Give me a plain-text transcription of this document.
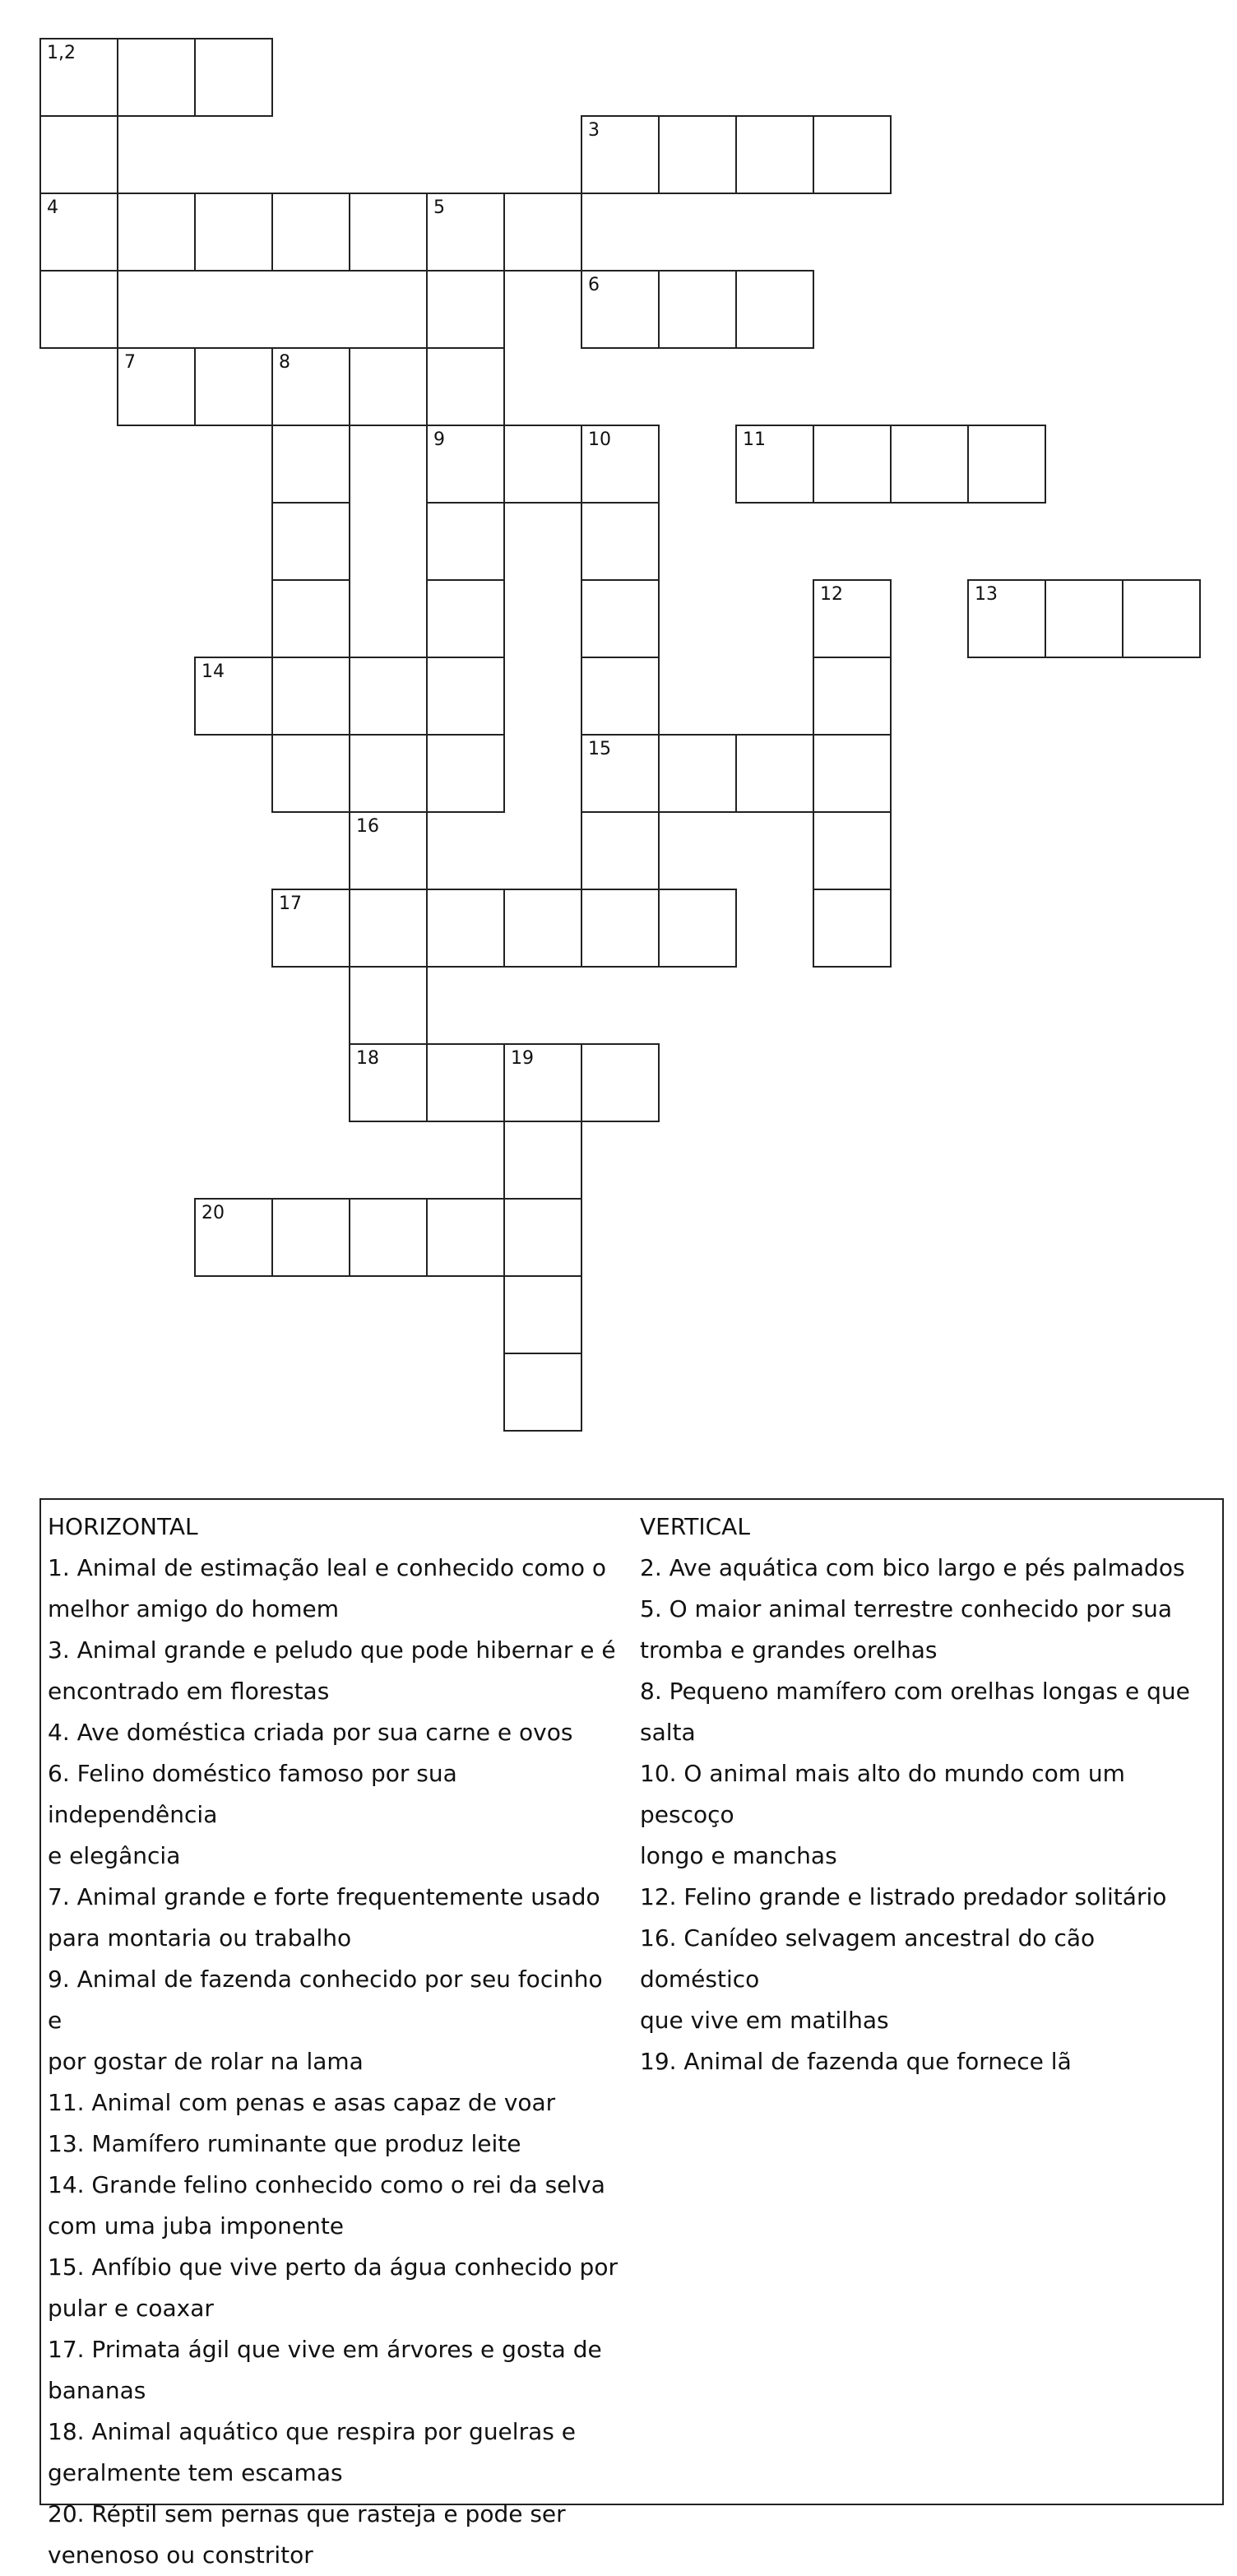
1,2
3
4	5
6
7	8
9	10	11
12	13
14
15
16
17
18	19
20
HORIZONTAL
1. Animal de estimação leal e conhecido como o
melhor amigo do homem
3. Animal grande e peludo que pode hibernar e é
encontrado em florestas
4. Ave doméstica criada por sua carne e ovos
6. Felino doméstico famoso por sua independência
e elegância
7. Animal grande e forte frequentemente usado
para montaria ou trabalho
9. Animal de fazenda conhecido por seu focinho e
por gostar de rolar na lama
11. Animal com penas e asas capaz de voar
13. Mamífero ruminante que produz leite
14. Grande felino conhecido como o rei da selva
com uma juba imponente
15. Anfíbio que vive perto da água conhecido por
pular e coaxar
17. Primata ágil que vive em árvores e gosta de
bananas
18. Animal aquático que respira por guelras e
geralmente tem escamas
20. Réptil sem pernas que rasteja e pode ser
venenoso ou constritor
VERTICAL
2. Ave aquática com bico largo e pés palmados
5. O maior animal terrestre conhecido por sua
tromba e grandes orelhas
8. Pequeno mamífero com orelhas longas e que
salta
10. O animal mais alto do mundo com um pescoço
longo e manchas
12. Felino grande e listrado predador solitário
16. Canídeo selvagem ancestral do cão doméstico
que vive em matilhas
19. Animal de fazenda que fornece lã
